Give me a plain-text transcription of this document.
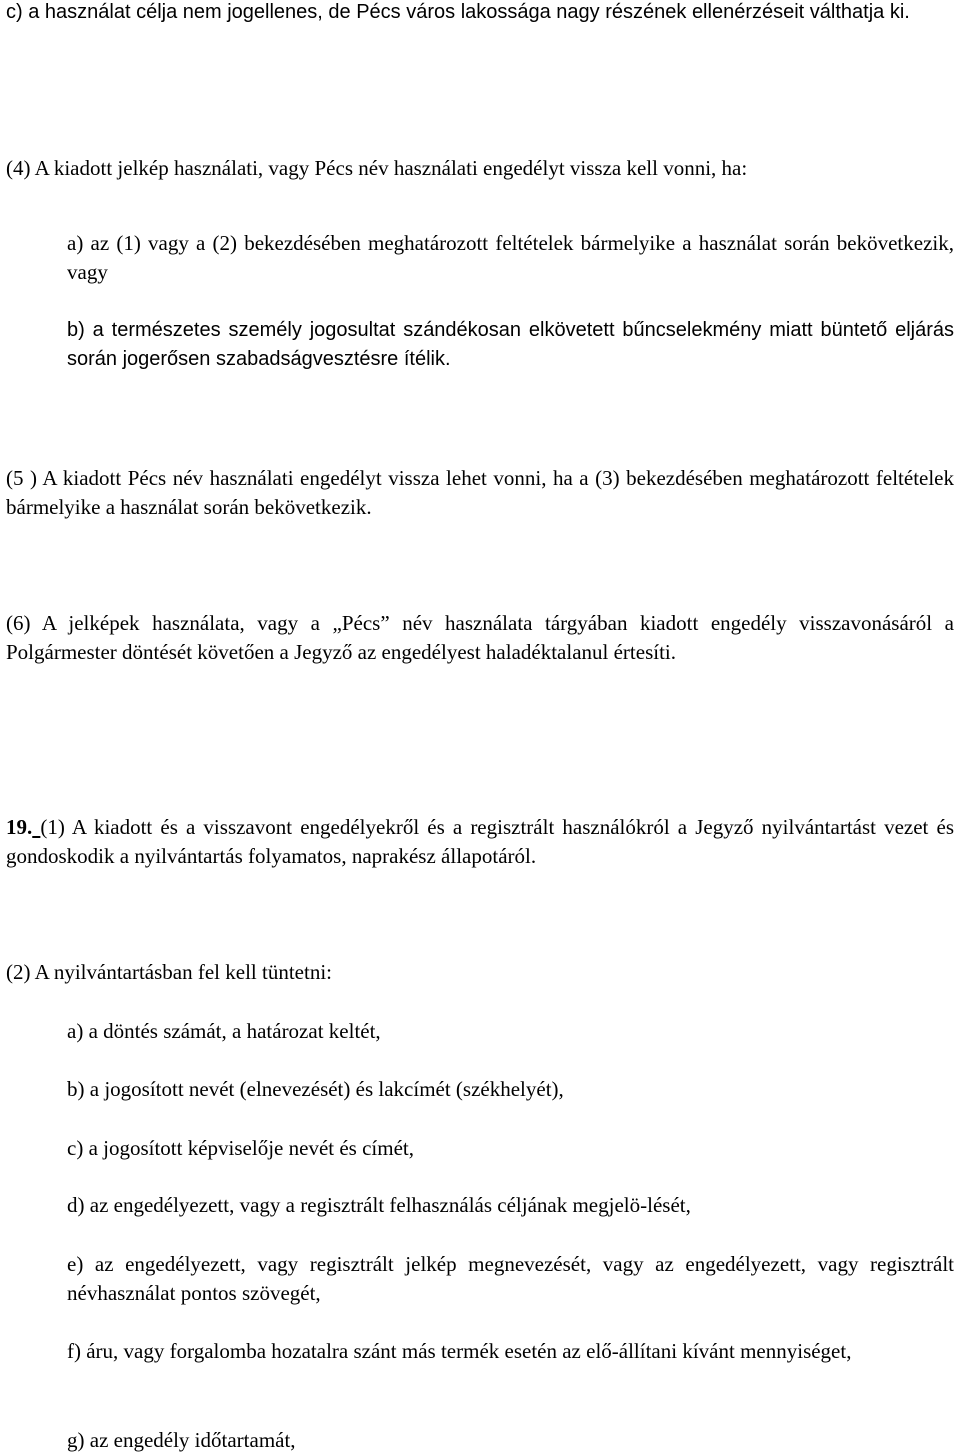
c) a használat célja nem jogellenes, de Pécs város lakossága nagy részének ellenérzéseit válthatja ki.

(4) A kiadott jelkép használati, vagy Pécs név használati engedélyt vissza kell vonni, ha:

a) az (1) vagy a (2) bekezdésében meghatározott feltételek bármelyike a használat során bekövetkezik, vagy

b) a természetes személy jogosultat szándékosan elkövetett bűncselekmény miatt büntető eljárás során jogerősen szabadságvesztésre ítélik.

(5 ) A kiadott Pécs név használati engedélyt vissza lehet vonni, ha a (3) bekezdésében meghatározott feltételek bármelyike a használat során bekövetkezik.

(6) A jelképek használata, vagy a „Pécs” név használata tárgyában kiadott engedély visszavonásáról a Polgármester döntését követően a Jegyző az engedélyest haladéktalanul értesíti.

19. (1) A kiadott és a visszavont engedélyekről és a regisztrált használókról a Jegyző nyilvántartást vezet és gondoskodik a nyilvántartás folyamatos, naprakész állapotáról.

(2) A nyilvántartásban fel kell tüntetni:

a) a döntés számát, a határozat keltét,

b) a jogosított nevét (elnevezését) és lakcímét (székhelyét),

c) a jogosított képviselője nevét és címét,

d) az engedélyezett, vagy a regisztrált felhasználás céljának megjelö-lését,

e) az engedélyezett, vagy regisztrált jelkép megnevezését, vagy az engedélyezett, vagy regisztrált névhasználat pontos szövegét,

f) áru, vagy forgalomba hozatalra szánt más termék esetén az elő-állítani kívánt mennyiséget,

g) az engedély időtartamát,
